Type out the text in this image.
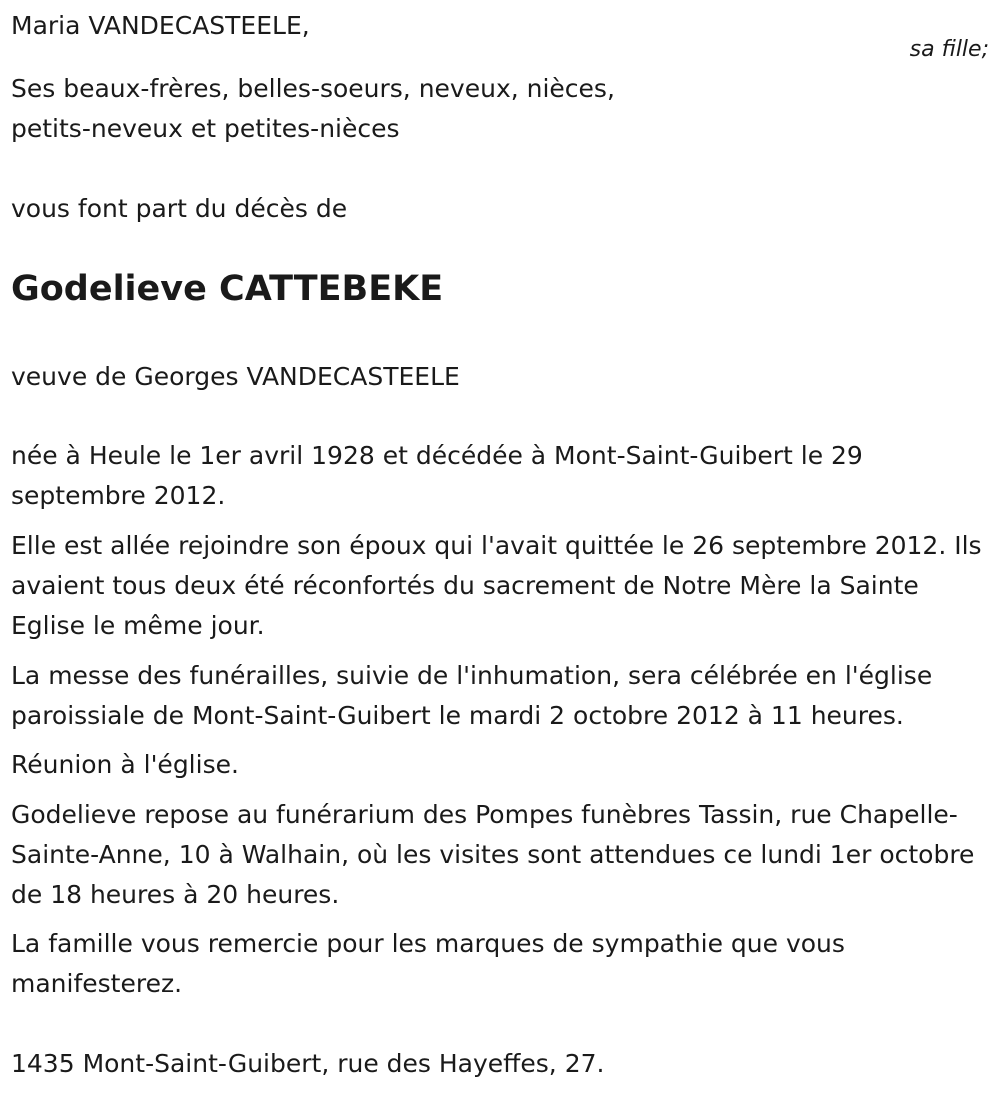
Maria VANDECASTEELE,
sa fille;
Ses beaux-frères, belles-soeurs, neveux, nièces,
petits-neveux et petites-nièces
vous font part du décès de
Godelieve CATTEBEKE
veuve de Georges VANDECASTEELE
née à Heule le 1er avril 1928 et décédée à Mont-Saint-Guibert le 29 septembre 2012.
Elle est allée rejoindre son époux qui l'avait quittée le 26 septembre 2012. Ils avaient tous deux été réconfortés du sacrement de Notre Mère la Sainte Eglise le même jour.
La messe des funérailles, suivie de l'inhumation, sera célébrée en l'église paroissiale de Mont-Saint-Guibert le mardi 2 octobre 2012 à 11 heures.
Réunion à l'église.
Godelieve repose au funérarium des Pompes funèbres Tassin, rue Chapelle-Sainte-Anne, 10 à Walhain, où les visites sont attendues ce lundi 1er octobre de 18 heures à 20 heures.
La famille vous remercie pour les marques de sympathie que vous manifesterez.
1435 Mont-Saint-Guibert, rue des Hayeffes, 27.
